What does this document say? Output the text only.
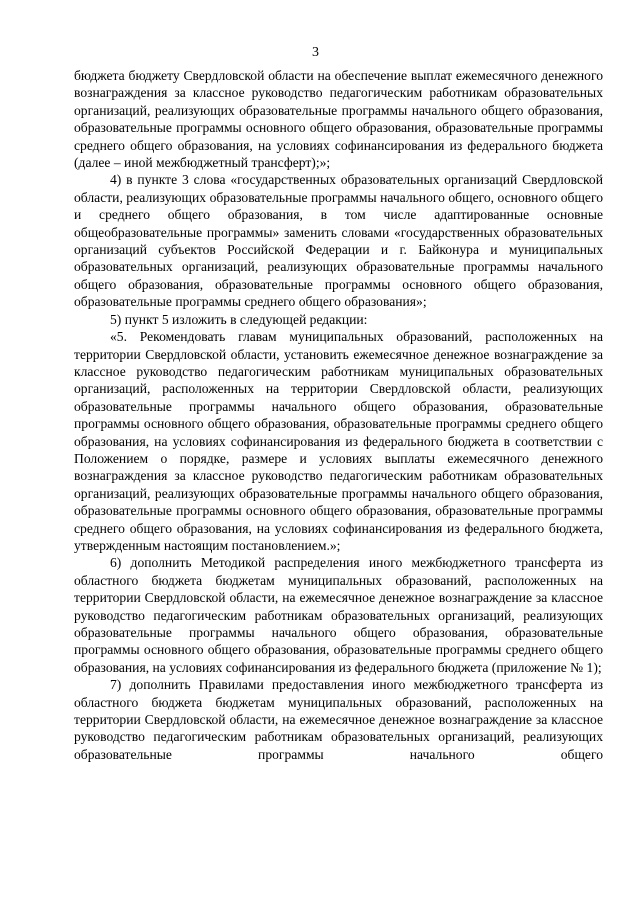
3

бюджета бюджету Свердловской области на обеспечение выплат ежемесячного денежного вознаграждения за классное руководство педагогическим работникам образовательных организаций, реализующих образовательные программы начального общего образования, образовательные программы основного общего образования, образовательные программы среднего общего образования, на условиях софинансирования из федерального бюджета (далее – иной межбюджетный трансферт);»;

4) в пункте 3 слова «государственных образовательных организаций Свердловской области, реализующих образовательные программы начального общего, основного общего и среднего общего образования, в том числе адаптированные основные общеобразовательные программы» заменить словами «государственных образовательных организаций субъектов Российской Федерации и г. Байконура и муниципальных образовательных организаций, реализующих образовательные программы начального общего образования, образовательные программы основного общего образования, образовательные программы среднего общего образования»;

5) пункт 5 изложить в следующей редакции:

«5. Рекомендовать главам муниципальных образований, расположенных на территории Свердловской области, установить ежемесячное денежное вознаграждение за классное руководство педагогическим работникам муниципальных образовательных организаций, расположенных на территории Свердловской области, реализующих образовательные программы начального общего образования, образовательные программы основного общего образования, образовательные программы среднего общего образования, на условиях софинансирования из федерального бюджета в соответствии с Положением о порядке, размере и условиях выплаты ежемесячного денежного вознаграждения за классное руководство педагогическим работникам образовательных организаций, реализующих образовательные программы начального общего образования, образовательные программы основного общего образования, образовательные программы среднего общего образования, на условиях софинансирования из федерального бюджета, утвержденным настоящим постановлением.»;

6) дополнить Методикой распределения иного межбюджетного трансферта из областного бюджета бюджетам муниципальных образований, расположенных на территории Свердловской области, на ежемесячное денежное вознаграждение за классное руководство педагогическим работникам образовательных организаций, реализующих образовательные программы начального общего образования, образовательные программы основного общего образования, образовательные программы среднего общего образования, на условиях софинансирования из федерального бюджета (приложение № 1);

7) дополнить Правилами предоставления иного межбюджетного трансферта из областного бюджета бюджетам муниципальных образований, расположенных на территории Свердловской области, на ежемесячное денежное вознаграждение за классное руководство педагогическим работникам образовательных организаций, реализующих образовательные программы начального общего
